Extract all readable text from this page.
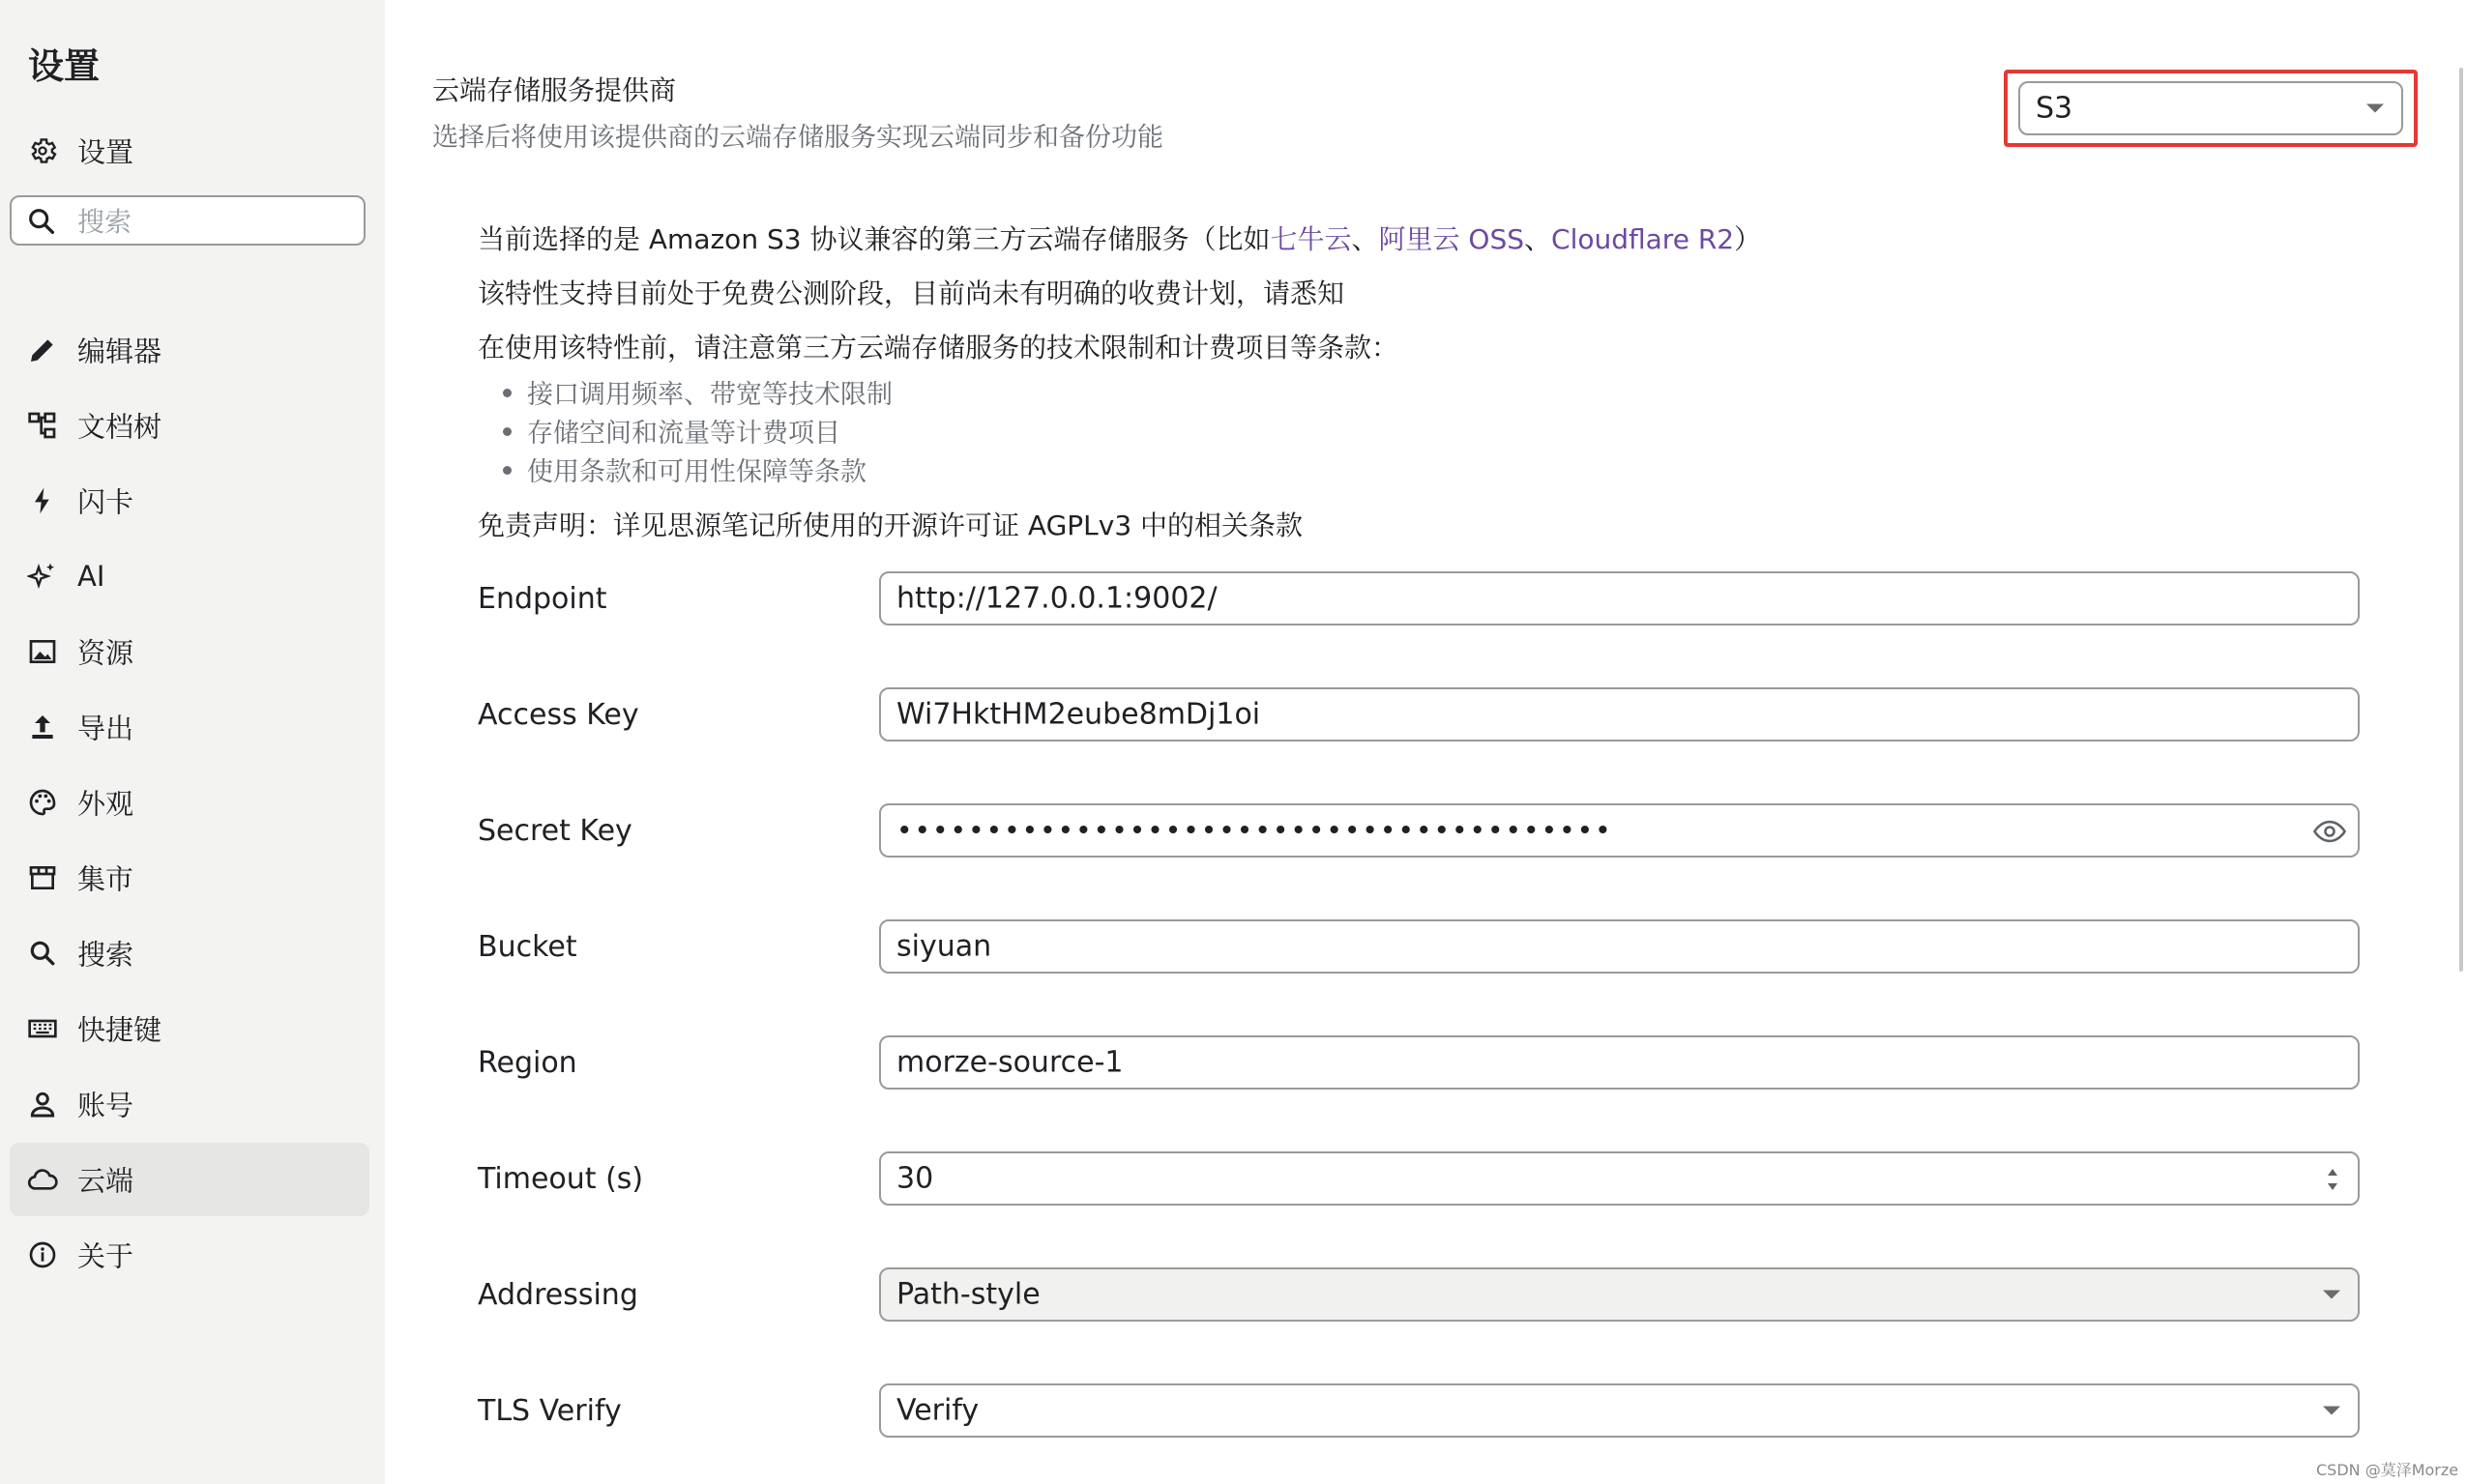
设置
设置
搜索
编辑器
文档树
闪卡
AI
资源
导出
外观
集市
搜索
快捷键
账号
云端
关于
云端存储服务提供商
选择后将使用该提供商的云端存储服务实现云端同步和备份功能
S3
当前选择的是 Amazon S3 协议兼容的第三方云端存储服务（比如七牛云、阿里云 OSS、Cloudflare R2）
该特性支持目前处于免费公测阶段，目前尚未有明确的收费计划，请悉知
在使用该特性前，请注意第三方云端存储服务的技术限制和计费项目等条款：
接口调用频率、带宽等技术限制
存储空间和流量等计费项目
使用条款和可用性保障等条款
免责声明：详见思源笔记所使用的开源许可证 AGPLv3 中的相关条款
Endpoint	http://127.0.0.1:9002/
Access Key	Wi7HktHM2eube8mDj1oi
Secret Key	••••••••••••••••••••••••••••••••••••••••
Bucket	siyuan
Region	morze-source-1
Timeout (s)	30
Addressing	Path-style
TLS Verify	Verify
CSDN @莫泽Morze
